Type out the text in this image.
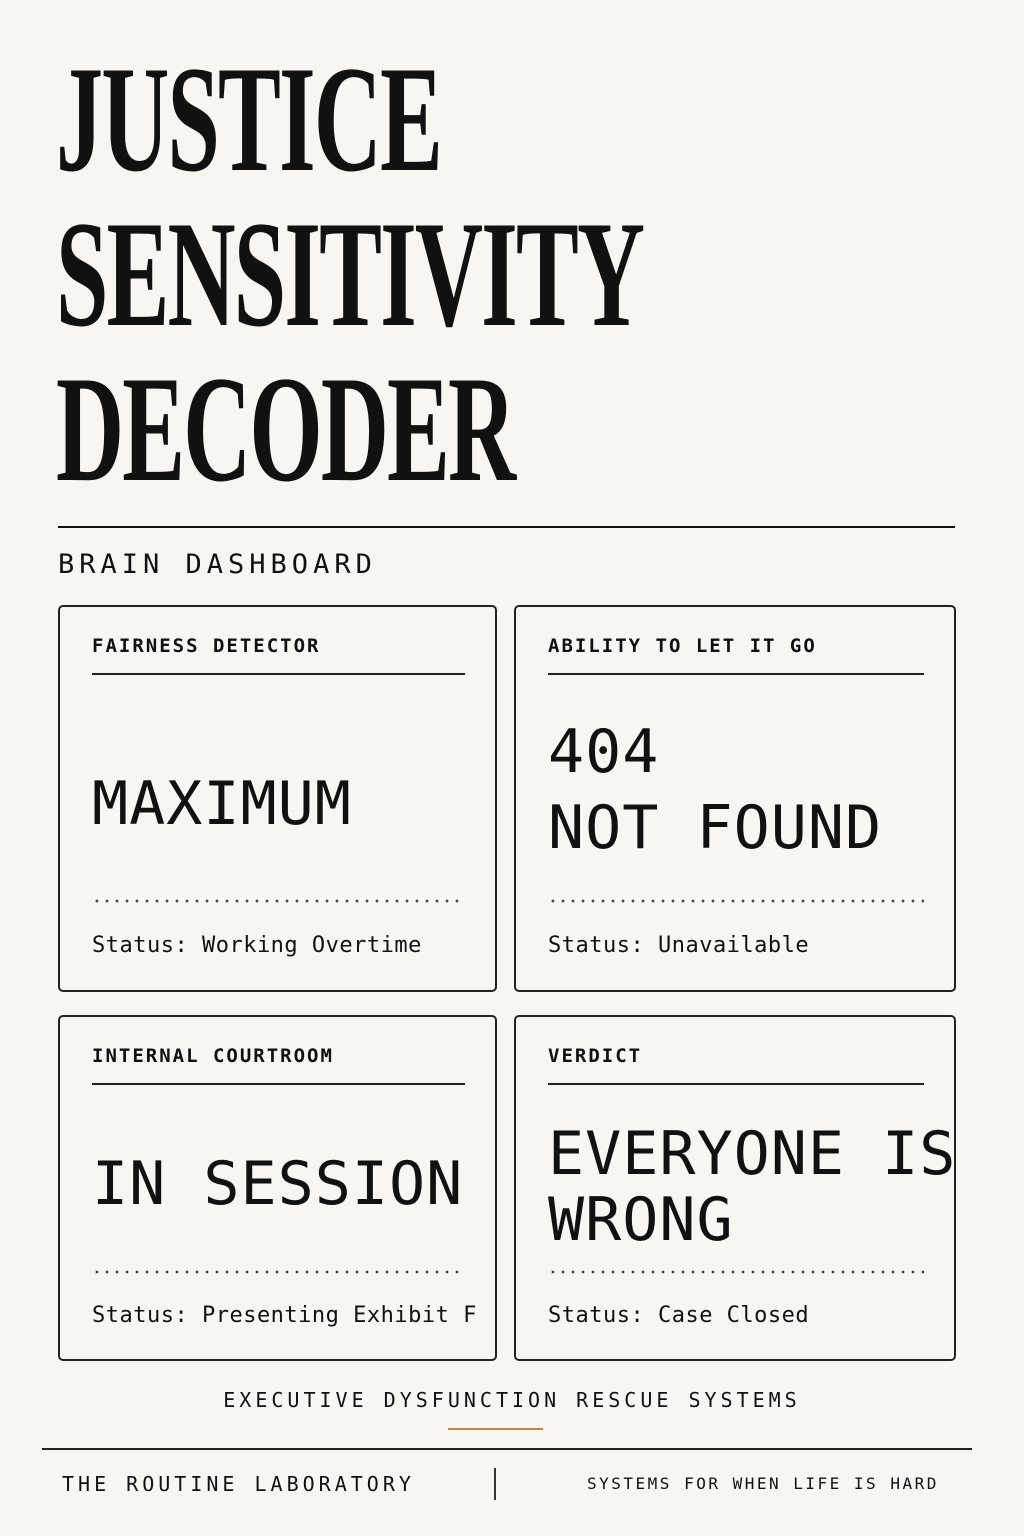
JUSTICE
SENSITIVITY
DECODER
BRAIN DASHBOARD
FAIRNESS DETECTOR
MAXIMUM
Status: Working Overtime
ABILITY TO LET IT GO
404
NOT FOUND
Status: Unavailable
INTERNAL COURTROOM
IN SESSION
Status: Presenting Exhibit F
VERDICT
EVERYONE IS
WRONG
Status: Case Closed
EXECUTIVE DYSFUNCTION RESCUE SYSTEMS
THE ROUTINE LABORATORY	SYSTEMS FOR WHEN LIFE IS HARD
